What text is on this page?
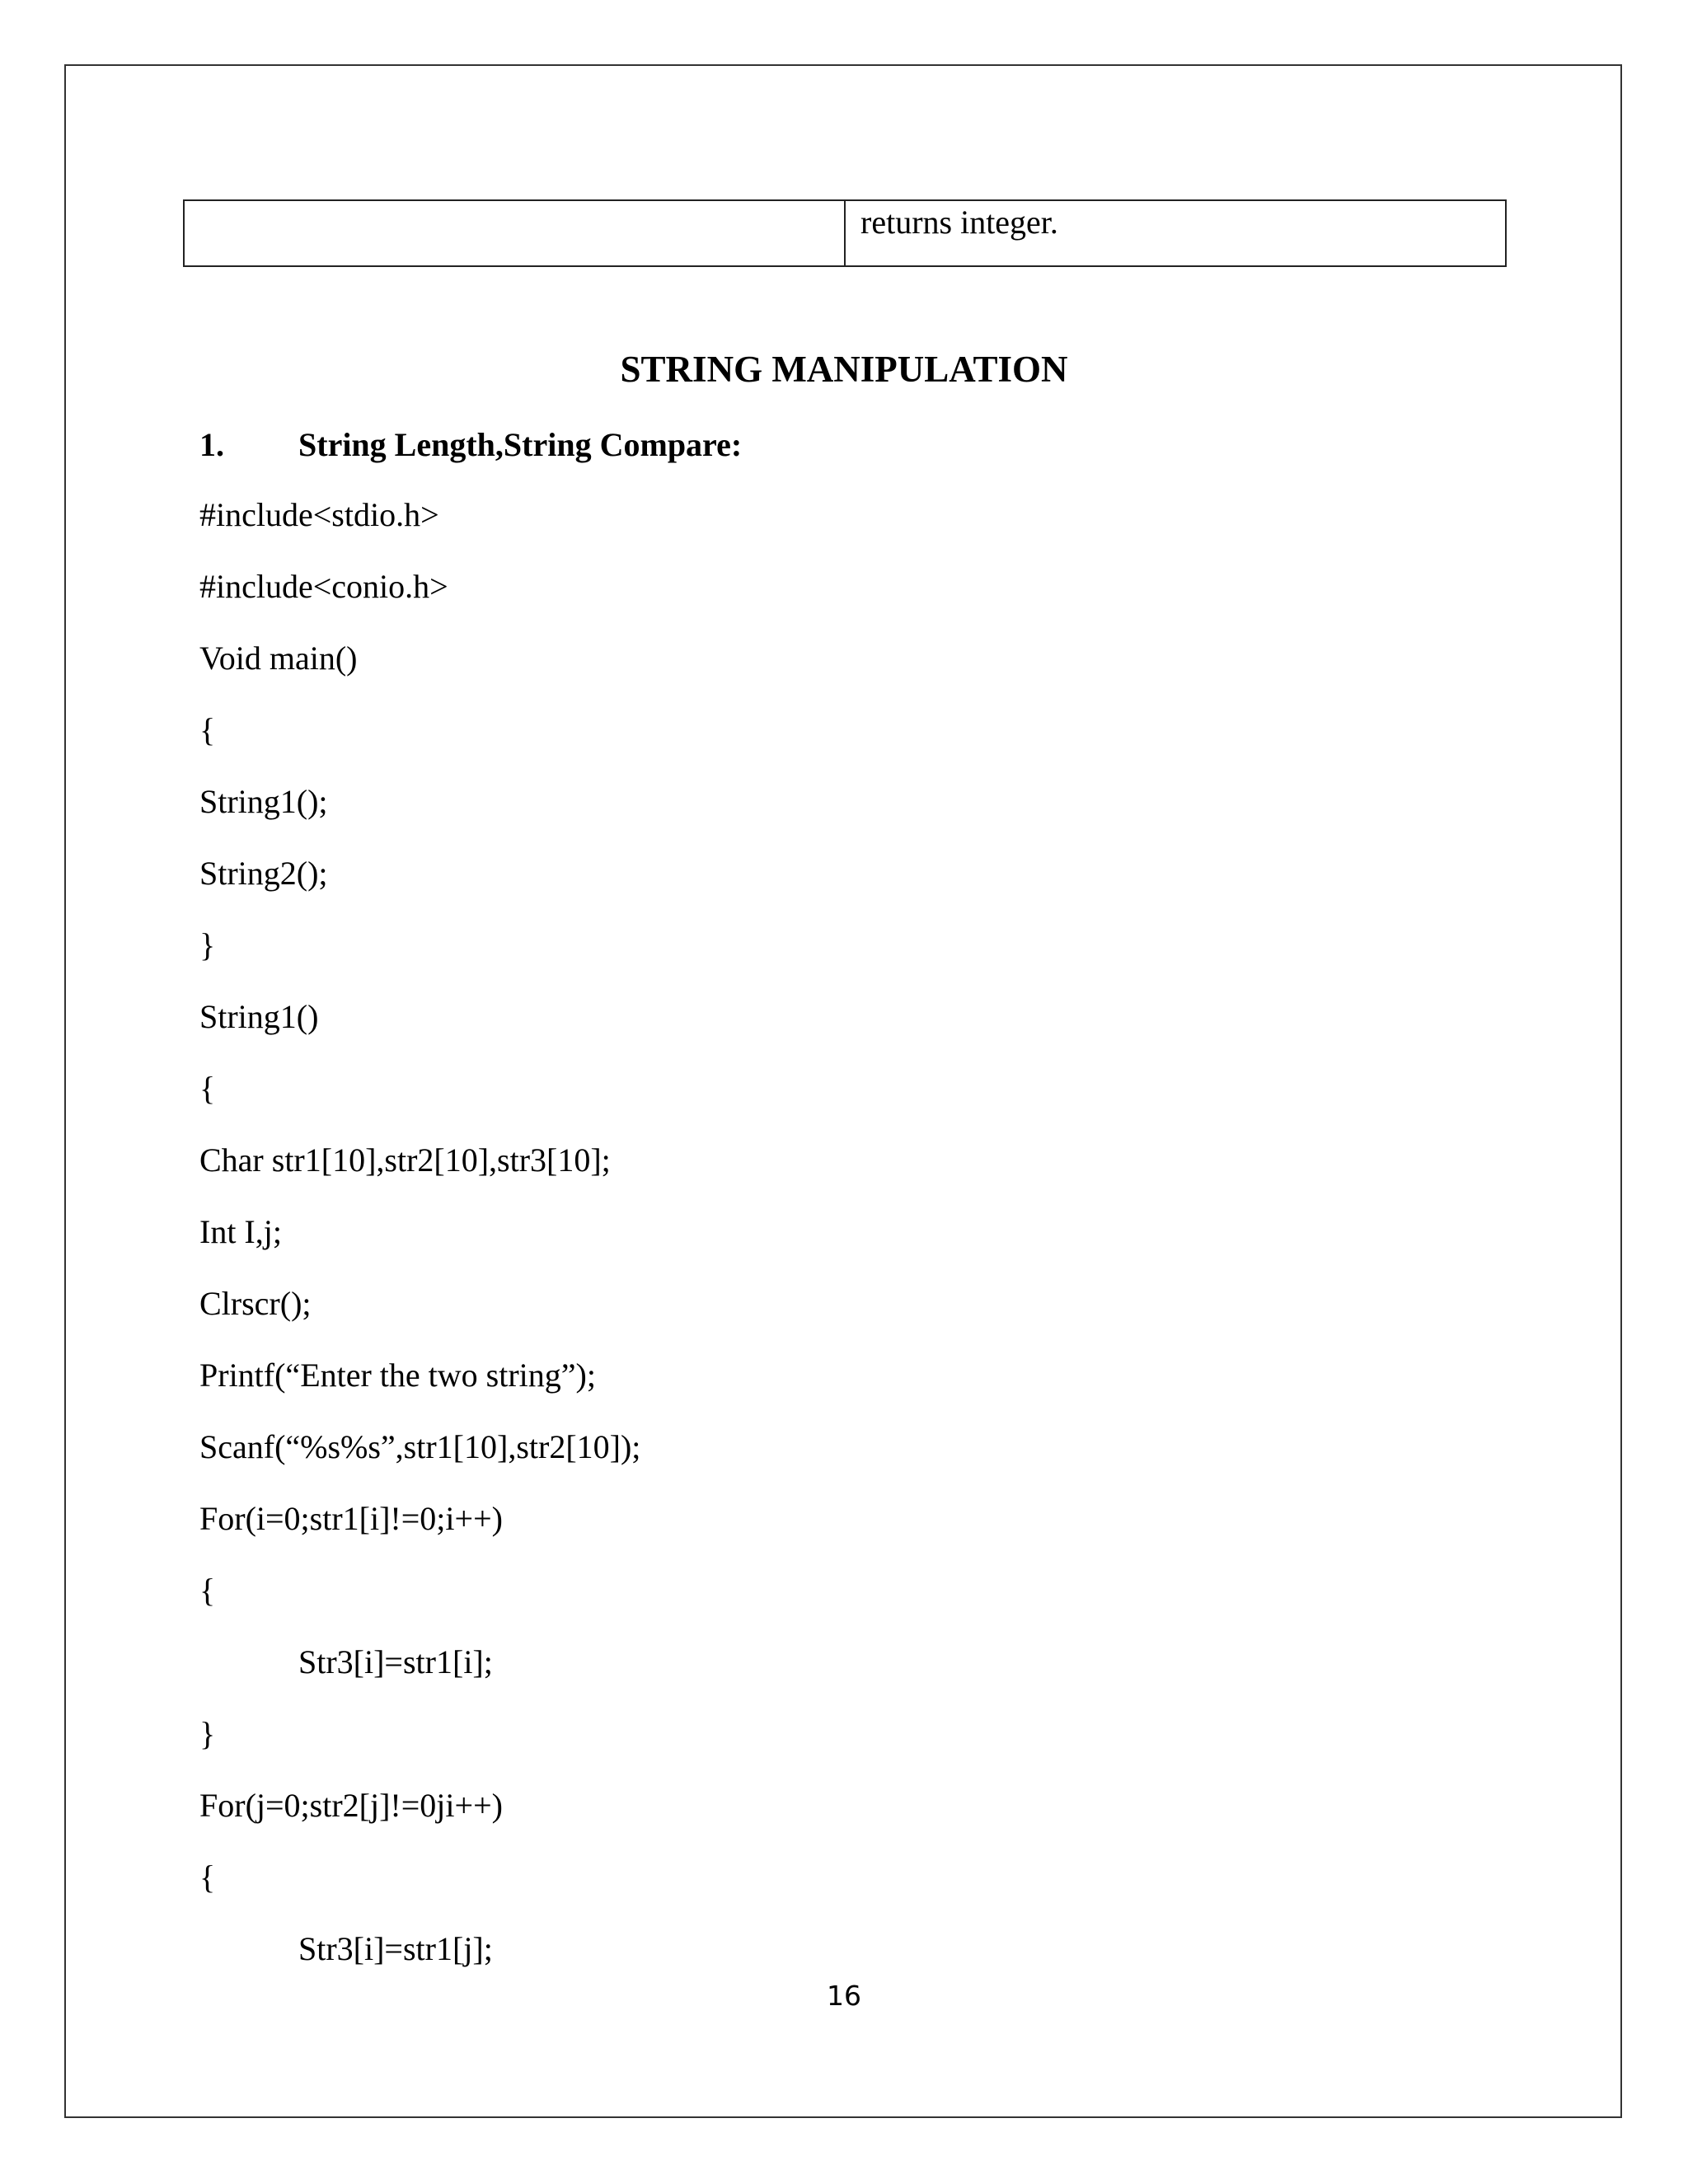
	returns integer.
STRING MANIPULATION
1. String Length,String Compare:
#include<stdio.h>
#include<conio.h>
Void main()
{
String1();
String2();
}
String1()
{
Char str1[10],str2[10],str3[10];
Int I,j;
Clrscr();
Printf(“Enter the two string”);
Scanf(“%s%s”,str1[10],str2[10]);
For(i=0;str1[i]!=0;i++)
{
Str3[i]=str1[i];
}
For(j=0;str2[j]!=0ji++)
{
Str3[i]=str1[j];
16
